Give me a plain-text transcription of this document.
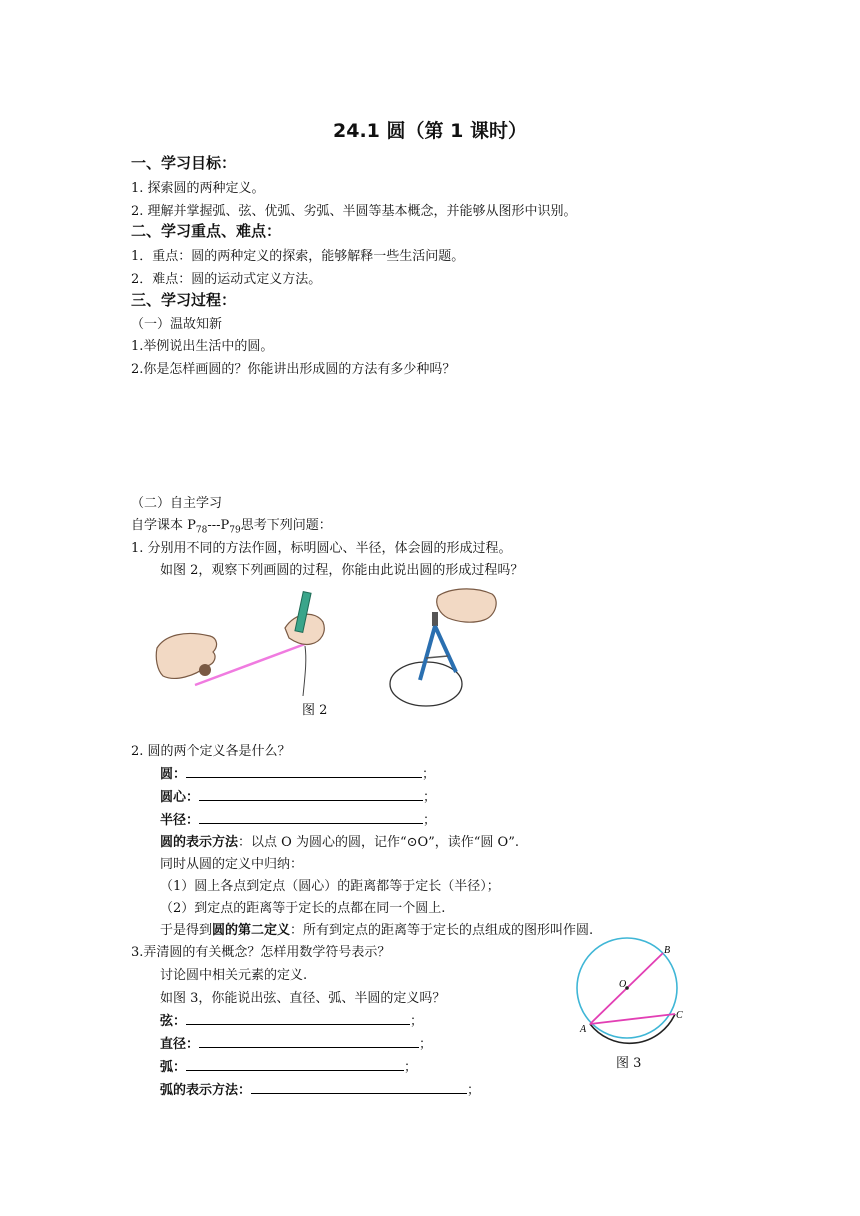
24.1 圆（第 1 课时）
一、学习目标：
1. 探索圆的两种定义。
2. 理解并掌握弧、弦、优弧、劣弧、半圆等基本概念，并能够从图形中识别。
二、学习重点、难点：
1．重点：圆的两种定义的探索，能够解释一些生活问题。
2．难点：圆的运动式定义方法。
三、学习过程：
（一）温故知新
1.举例说出生活中的圆。
2.你是怎样画圆的？你能讲出形成圆的方法有多少种吗？
（二）自主学习
自学课本 $P_{78}---P_{79}$思考下列问题：
1. 分别用不同的方法作圆，标明圆心、半径，体会圆的形成过程。
如图 2，观察下列画圆的过程，你能由此说出圆的形成过程吗？
图 2
2. 圆的两个定义各是什么？
圆：	；
圆心：	；
半径：	；
圆的表示方法：以点 O 为圆心的圆，记作“⊙O”，读作“圆 O”.
同时从圆的定义中归纳：
（1）圆上各点到定点（圆心）的距离都等于定长（半径）；
（2）到定点的距离等于定长的点都在同一个圆上.
于是得到圆的第二定义：所有到定点的距离等于定长的点组成的图形叫作圆.
3.弄清圆的有关概念？怎样用数学符号表示？
讨论圆中相关元素的定义.
如图 3，你能说出弦、直径、弧、半圆的定义吗？
弦：	；
直径：	；
弧：	；
弧的表示方法：	；
B
O
A
C
图 3
